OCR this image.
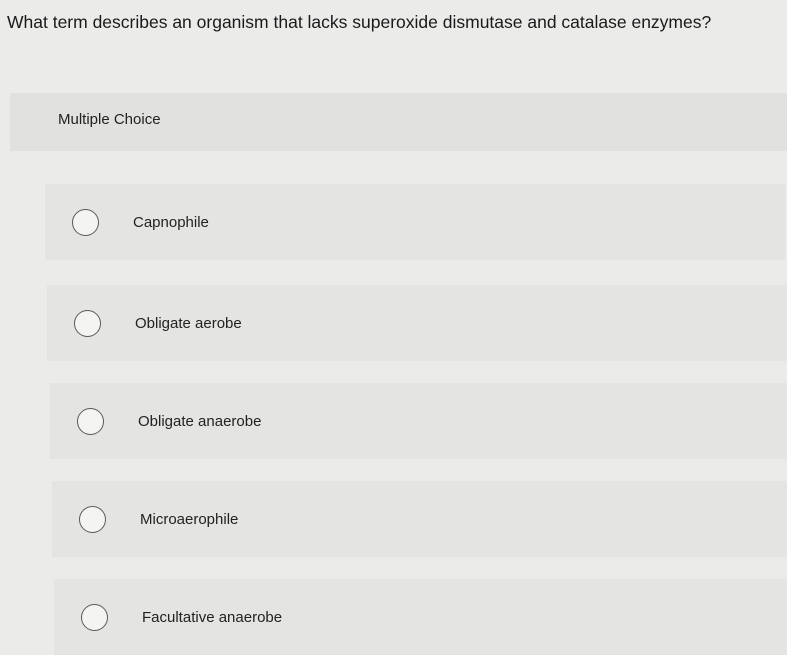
What term describes an organism that lacks superoxide dismutase and catalase enzymes?
Multiple Choice
Capnophile
Obligate aerobe
Obligate anaerobe
Microaerophile
Facultative anaerobe
